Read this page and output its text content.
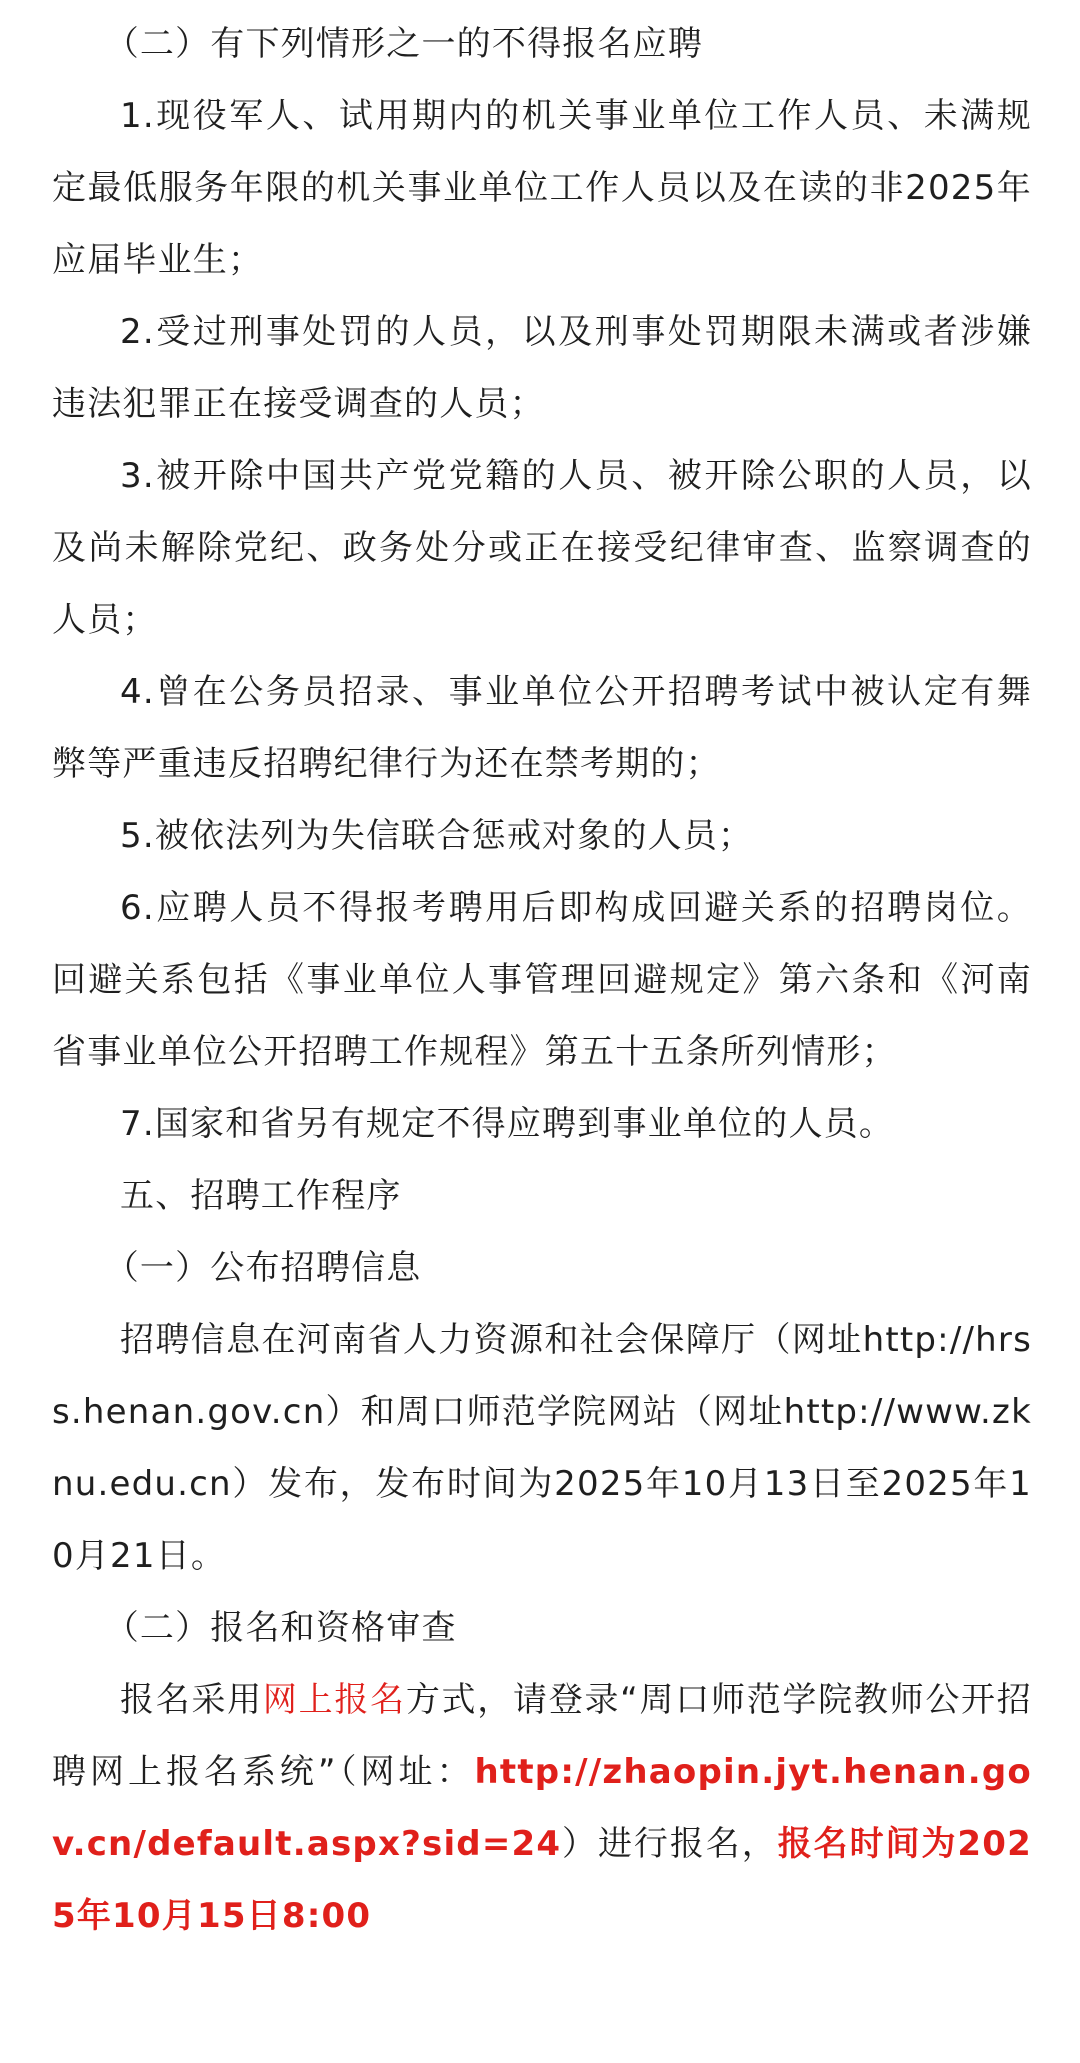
（二）有下列情形之一的不得报名应聘

1.现役军人、试用期内的机关事业单位工作人员、未满规定最低服务年限的机关事业单位工作人员以及在读的非2025年应届毕业生；

2.受过刑事处罚的人员，以及刑事处罚期限未满或者涉嫌违法犯罪正在接受调查的人员；

3.被开除中国共产党党籍的人员、被开除公职的人员，以及尚未解除党纪、政务处分或正在接受纪律审查、监察调查的人员；

4.曾在公务员招录、事业单位公开招聘考试中被认定有舞弊等严重违反招聘纪律行为还在禁考期的；

5.被依法列为失信联合惩戒对象的人员；

6.应聘人员不得报考聘用后即构成回避关系的招聘岗位。回避关系包括《事业单位人事管理回避规定》第六条和《河南省事业单位公开招聘工作规程》第五十五条所列情形；

7.国家和省另有规定不得应聘到事业单位的人员。

五、招聘工作程序

（一）公布招聘信息

招聘信息在河南省人力资源和社会保障厅（网址http://hrss.henan.gov.cn）和周口师范学院网站（网址http://www.zknu.edu.cn）发布，发布时间为2025年10月13日至2025年10月21日。

（二）报名和资格审查

报名采用网上报名方式，请登录“周口师范学院教师公开招聘网上报名系统”（网址：http://zhaopin.jyt.henan.gov.cn/default.aspx?sid=24）进行报名，报名时间为2025年10月15日8:00
